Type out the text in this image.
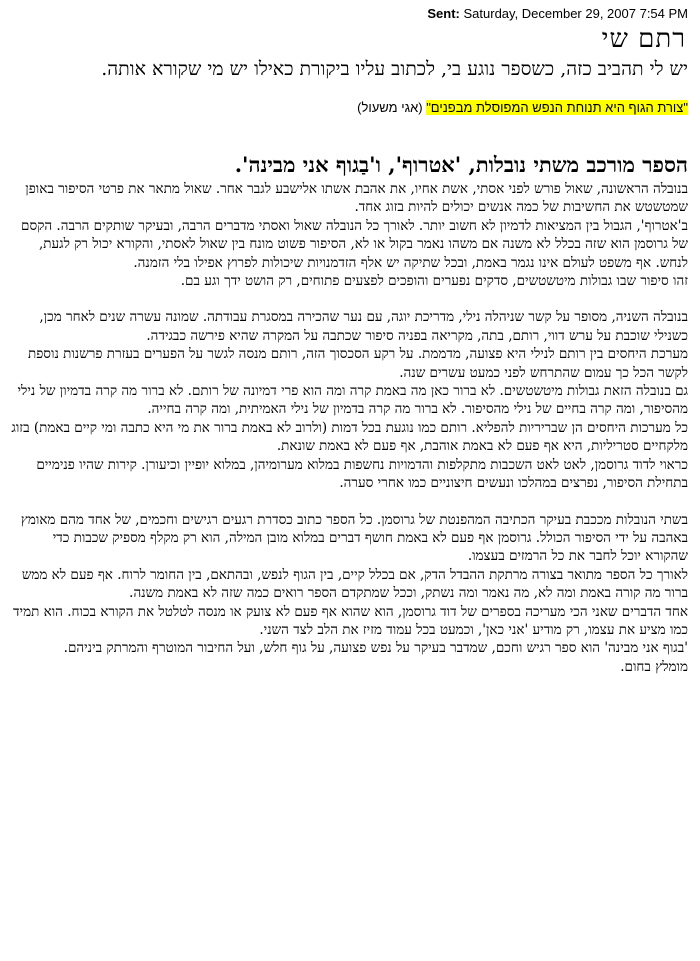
Sent: Saturday, December 29, 2007 7:54 PM
רתם שי
יש לי תהביב כזה, כשספר נוגע בי, לכתוב עליו ביקורת כאילו יש מי שקורא אותה.
"צורת הגוף היא תנוחת הנפש המפוסלת מבפנים" (אגי משעול)
הספר מורכב משתי נובלות, 'אטרוף', ו'בַגוף אני מבינה'.

בנובלה הראשונה, שאול פורש לפני אסתי, אשת אחיו, את אהבת אשתו אלישבע לגבר אחר. שאול מתאר את פרטי הסיפור באופן שמטשטש את החשיבות של כמה אנשים יכולים להיות בזוג אחד.

ב'אטרוף', הגבול בין המציאות לדמיון לא חשוב יותר. לאורך כל הנובלה שאול ואסתי מדברים הרבה, ובעיקר שותקים הרבה. הקסם של גרוסמן הוא שזה בכלל לא משנה אם משהו נאמר בקול או לא, הסיפור פשוט מונח בין שאול לאסתי, והקורא יכול רק לגעת, לנחש. אף משפט לעולם אינו נגמר באמת, ובכל שתיקה יש אלף הזדמנויות שיכולות לפרוץ אפילו בלי הזמנה.

זהו סיפור שבו גבולות מיטשטשים, סדקים נפערים והופכים לפצעים פתוחים, רק הושט ידך וגע בם.

בנובלה השניה, מסופר על קשר שניהלה נילי, מדריכת יוגה, עם נער שהכירה במסגרת עבודתה. שמונה עשרה שנים לאחר מכן, כשנילי שוכבת על ערש דווי, רותם, בתה, מקריאה בפניה סיפור שכתבה על המקרה שהיא פירשה כבגידה.

מערכת היחסים בין רותם לנילי היא פצועה, מדממת. על רקע הסכסוך הזה, רותם מנסה לגשר על הפערים בעזרת פרשנות נוספת לקשר הכל כך עמום שהתרחש לפני כמעט עשרים שנה.

גם בנובלה הזאת גבולות מיטשטשים. לא ברור כאן מה באמת קרה ומה הוא פרי דמיונה של רותם. לא ברור מה קרה בדמיון של נילי מהסיפור, ומה קרה בחיים של נילי מהסיפור. לא ברור מה קרה בדמיון של נילי האמיתית, ומה קרה בחייה.

כל מערכות היחסים הן שבריריות להפליא. רותם כמו נוגעת בכל דמות (ולרוב לא באמת ברור את מי היא כתבה ומי קיים באמת) בזוג מלקחיים סטריליות, היא אף פעם לא באמת אוהבת, אף פעם לא באמת שונאת.

כראוי לדוד גרוסמן, לאט לאט השכבות מתקלפות והדמויות נחשפות במלוא מערומיהן, במלוא יופיין וכיעורן. קירות שהיו פנימיים בתחילת הסיפור, נפרצים במהלכו ונעשים חיצוניים כמו אחרי סערה.

בשתי הנובלות מככבת בעיקר הכתיבה המהפנטת של גרוסמן. כל הספר כתוב כסדרת רגעים רגישים וחכמים, של אחד מהם מאומץ באהבה על ידי הסיפור הכולל. גרוסמן אף פעם לא באמת חושף דברים במלוא מובן המילה, הוא רק מקלף מספיק שכבות כדי שהקורא יוכל לחבר את כל הרמזים בעצמו.

לאורך כל הספר מתואר בצורה מרתקת ההבדל הדק, אם בכלל קיים, בין הגוף לנפש, ובהתאם, בין החומר לרוח. אף פעם לא ממש ברור מה קורה באמת ומה לא, מה נאמר ומה נשתק, וככל שמתקדם הספר רואים כמה שזה לא באמת משנה.

אחד הדברים שאני הכי מעריכה בספרים של דוד גרוסמן, הוא שהוא אף פעם לא צועק או מנסה לטלטל את הקורא בכוח. הוא תמיד כמו מציע את עצמו, רק מודיע 'אני כאן', וכמעט בכל עמוד מזיז את הלב לצד השני.

'בגוף אני מבינה' הוא ספר רגיש וחכם, שמדבר בעיקר על נפש פצועה, על גוף חלש, ועל החיבור המוטרף והמרתק ביניהם.

מומלץ בחום.
